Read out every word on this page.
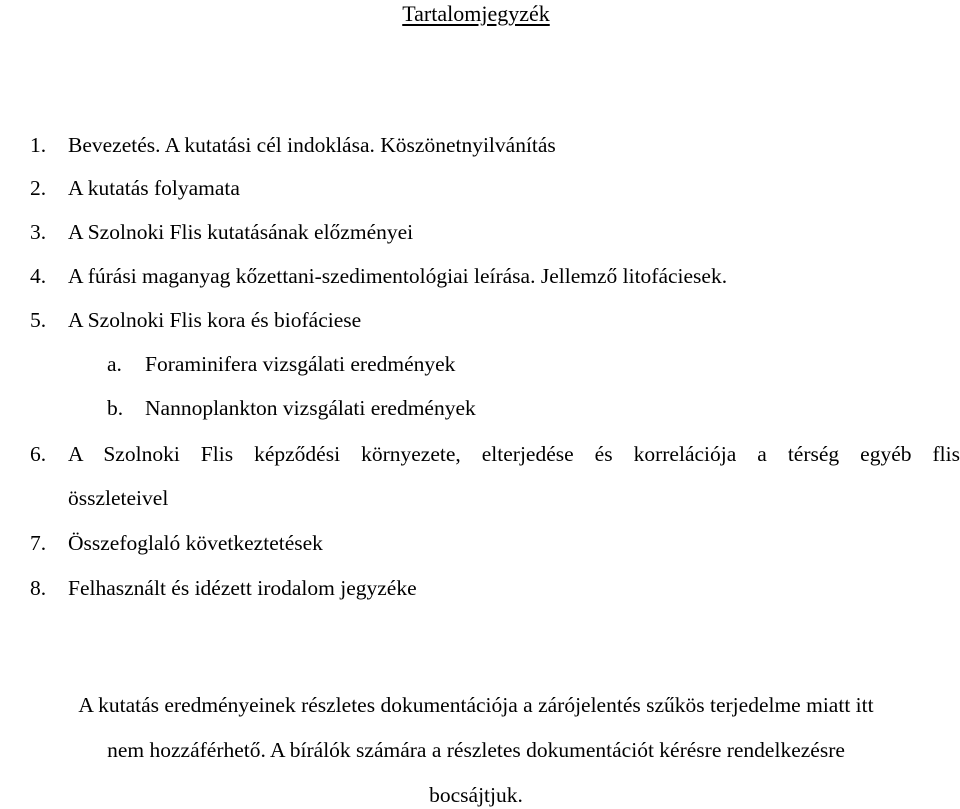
Tartalomjegyzék
1. Bevezetés. A kutatási cél indoklása. Köszönetnyilvánítás
2. A kutatás folyamata
3. A Szolnoki Flis kutatásának előzményei
4. A fúrási maganyag kőzettani-szedimentológiai leírása. Jellemző litofáciesek.
5. A Szolnoki Flis kora és biofáciese
a. Foraminifera vizsgálati eredmények
b. Nannoplankton vizsgálati eredmények
6. A Szolnoki Flis képződési környezete, elterjedése és korrelációja a térség egyéb flis
összleteivel
7. Összefoglaló következtetések
8. Felhasznált és idézett irodalom jegyzéke
A kutatás eredményeinek részletes dokumentációja a zárójelentés szűkös terjedelme miatt itt
nem hozzáférhető. A bírálók számára a részletes dokumentációt kérésre rendelkezésre
bocsájtjuk.
